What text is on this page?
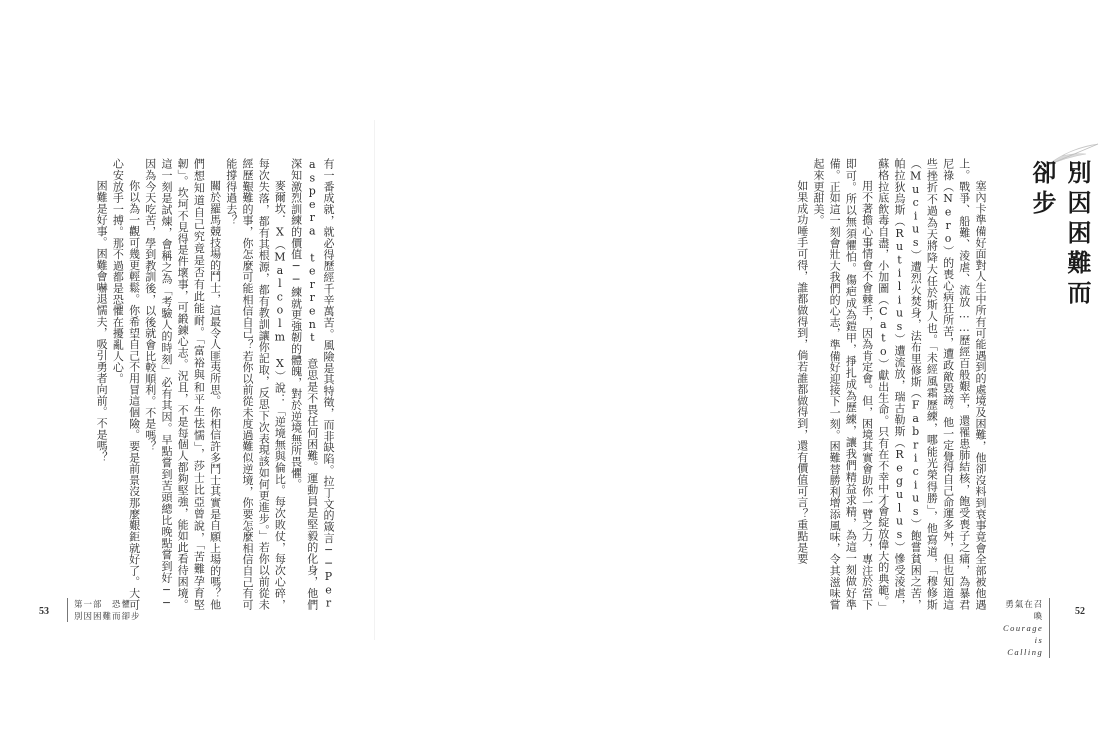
有一番成就，就必得歷經千辛萬苦。風險是其特徵，而非缺陷。拉丁文的箴言──Per aspera terrent 意思是不畏任何困難。運動員是堅毅的化身，他們深知激烈訓練的價值──練就更強韌的體魄，對於逆境無所畏懼。

麥爾坎．X（Malcolm X）說：「逆境無與倫比。每次敗仗，每次心碎，每次失落，都有其根源，都有教訓讓你記取，反思下次表現該如何更進步。」若你以前從未經歷艱難的事，你怎麼可能相信自己？若你以前從未度過難似逆境，你要怎麼相信自己有可能撐得過去？

關於羅馬競技場的鬥士，這最令人匪夷所思。你相信許多鬥士其實是自願上場的嗎？他們想知道自己究竟是否有此能耐。「富裕與和平生怯懦」，莎士比亞曾說，「苦難孕育堅韌」。坎坷不見得是件壞事，可鍛鍊心志。況且，不是每個人都夠堅強，能如此看待困境。這一刻是試煉，會稱之為「考驗人的時刻」必有其因。早點嘗到苦頭總比晚點嘗到好──因為今天吃苦，學到教訓後，以後就會比較順利。不是嗎？

你以為一觀可幾更輕鬆。你希望自己不用冒這個險。要是前景沒那麼艱鉅就好了。大可心安放手一搏。那不過都是恐懼在擾亂人心。

困難是好事。困難會嚇退懦夫，吸引勇者向前。不是嗎？

53
第一部　恐懼
別因困難而卻步
別因困難而卻步

塞內卡準備好面對人生中所有可能遇到的處境及困難，他卻沒料到衰事竟會全部被他遇上。戰爭、船難、淩虐、流放……歷經百般艱辛，還罹患肺結核，飽受喪子之痛，為暴君尼祿（Nero）的喪心病狂所苦，遭政敵毀謗。他一定覺得自己命運多舛，但也知道這些挫折不過為天將降大任於斯人也。「未經風霜歷練，哪能光榮得勝」，他寫道，「穆修斯（Mucius）遭烈火焚身，法布里修斯（Fabricius）飽嘗貧困之苦，帕拉狄烏斯（Rutilius）遭流放，瑞古勒斯（Regulus）慘受淩虐，蘇格拉底飲毒自盡，小加圖（Cato）獻出生命。只有在不幸中才會綻放偉大的典範。」

用不著擔心事情會不會棘手，因為肯定會。但，困境其實會助你一臂之力，專注於當下即可。所以無須懼怕。傷疤成為鎧甲，掙扎成為歷練，讓我們精益求精，為這一刻做好準備。正如這一刻會壯大我們的心志，準備好迎接下一刻。困難替勝利增添風味，令其滋味嘗起來更甜美。

如果成功唾手可得，誰都做得到，倘若誰都做得到，還有價值可言？重點是要

52
勇氣在召喚
Courage is Calling
